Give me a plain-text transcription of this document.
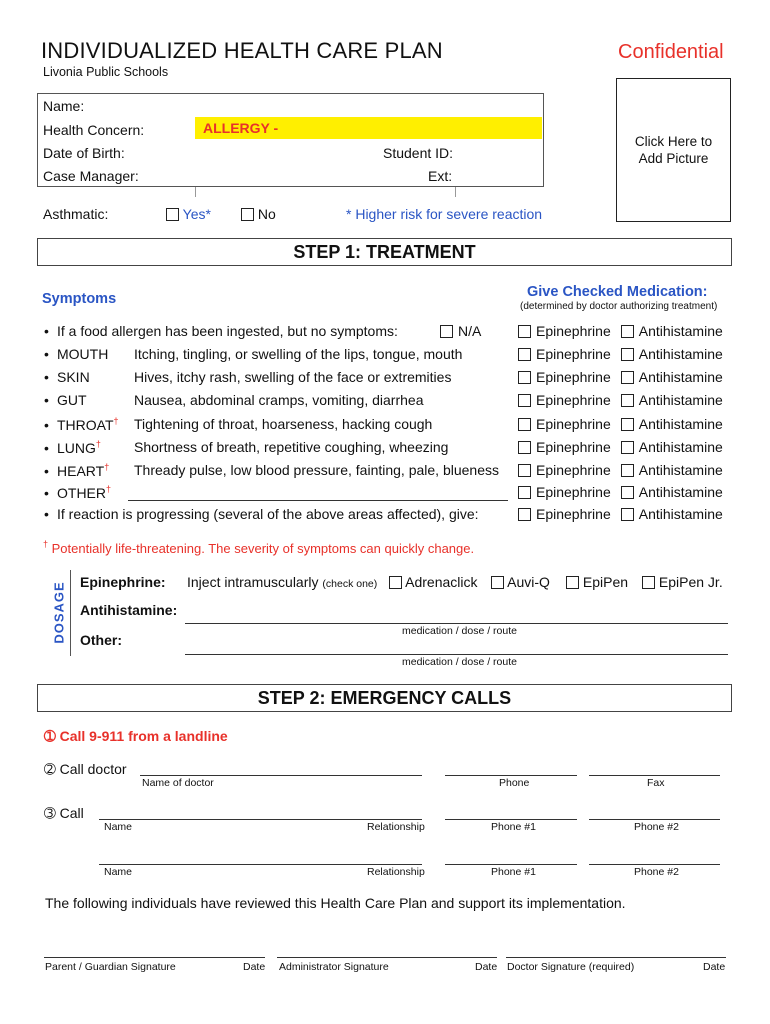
INDIVIDUALIZED HEALTH CARE PLAN
Livonia Public Schools
Confidential
Name:
Health Concern:	ALLERGY -
Date of Birth:	Student ID:
Case Manager:	Ext:
Click Here to Add Picture
Asthmatic:	Yes*	No	* Higher risk for severe reaction
STEP 1: TREATMENT
Symptoms	Give Checked Medication:
(determined by doctor authorizing treatment)
• If a food allergen has been ingested, but no symptoms:	N/A	Epinephrine Antihistamine
• MOUTH Itching, tingling, or swelling of the lips, tongue, mouth	Epinephrine Antihistamine
• SKIN	Hives, itchy rash, swelling of the face or extremities	Epinephrine Antihistamine
• GUT	Nausea, abdominal cramps, vomiting, diarrhea	Epinephrine Antihistamine
• THROAT† Tightening of throat, hoarseness, hacking cough	Epinephrine Antihistamine
• LUNG† Shortness of breath, repetitive coughing, wheezing	Epinephrine Antihistamine
• HEART† Thready pulse, low blood pressure, fainting, pale, blueness	Epinephrine Antihistamine
• OTHER†	Epinephrine Antihistamine
• If reaction is progressing (several of the above areas affected), give:	Epinephrine Antihistamine
† Potentially life-threatening. The severity of symptoms can quickly change.
DOSAGE Epinephrine: Inject intramuscularly (check one)	Adrenaclick	Auvi-Q	EpiPen	EpiPen Jr.
Antihistamine:
medication / dose / route
Other:
medication / dose / route
STEP 2: EMERGENCY CALLS
➀ Call 9-911 from a landline
➁ Call doctor
Name of doctor	Phone	Fax
➂ Call
Name	Relationship	Phone #1	Phone #2
Name	Relationship	Phone #1	Phone #2
The following individuals have reviewed this Health Care Plan and support its implementation.
Parent / Guardian Signature	Date Administrator Signature	Date Doctor Signature (required)	Date
